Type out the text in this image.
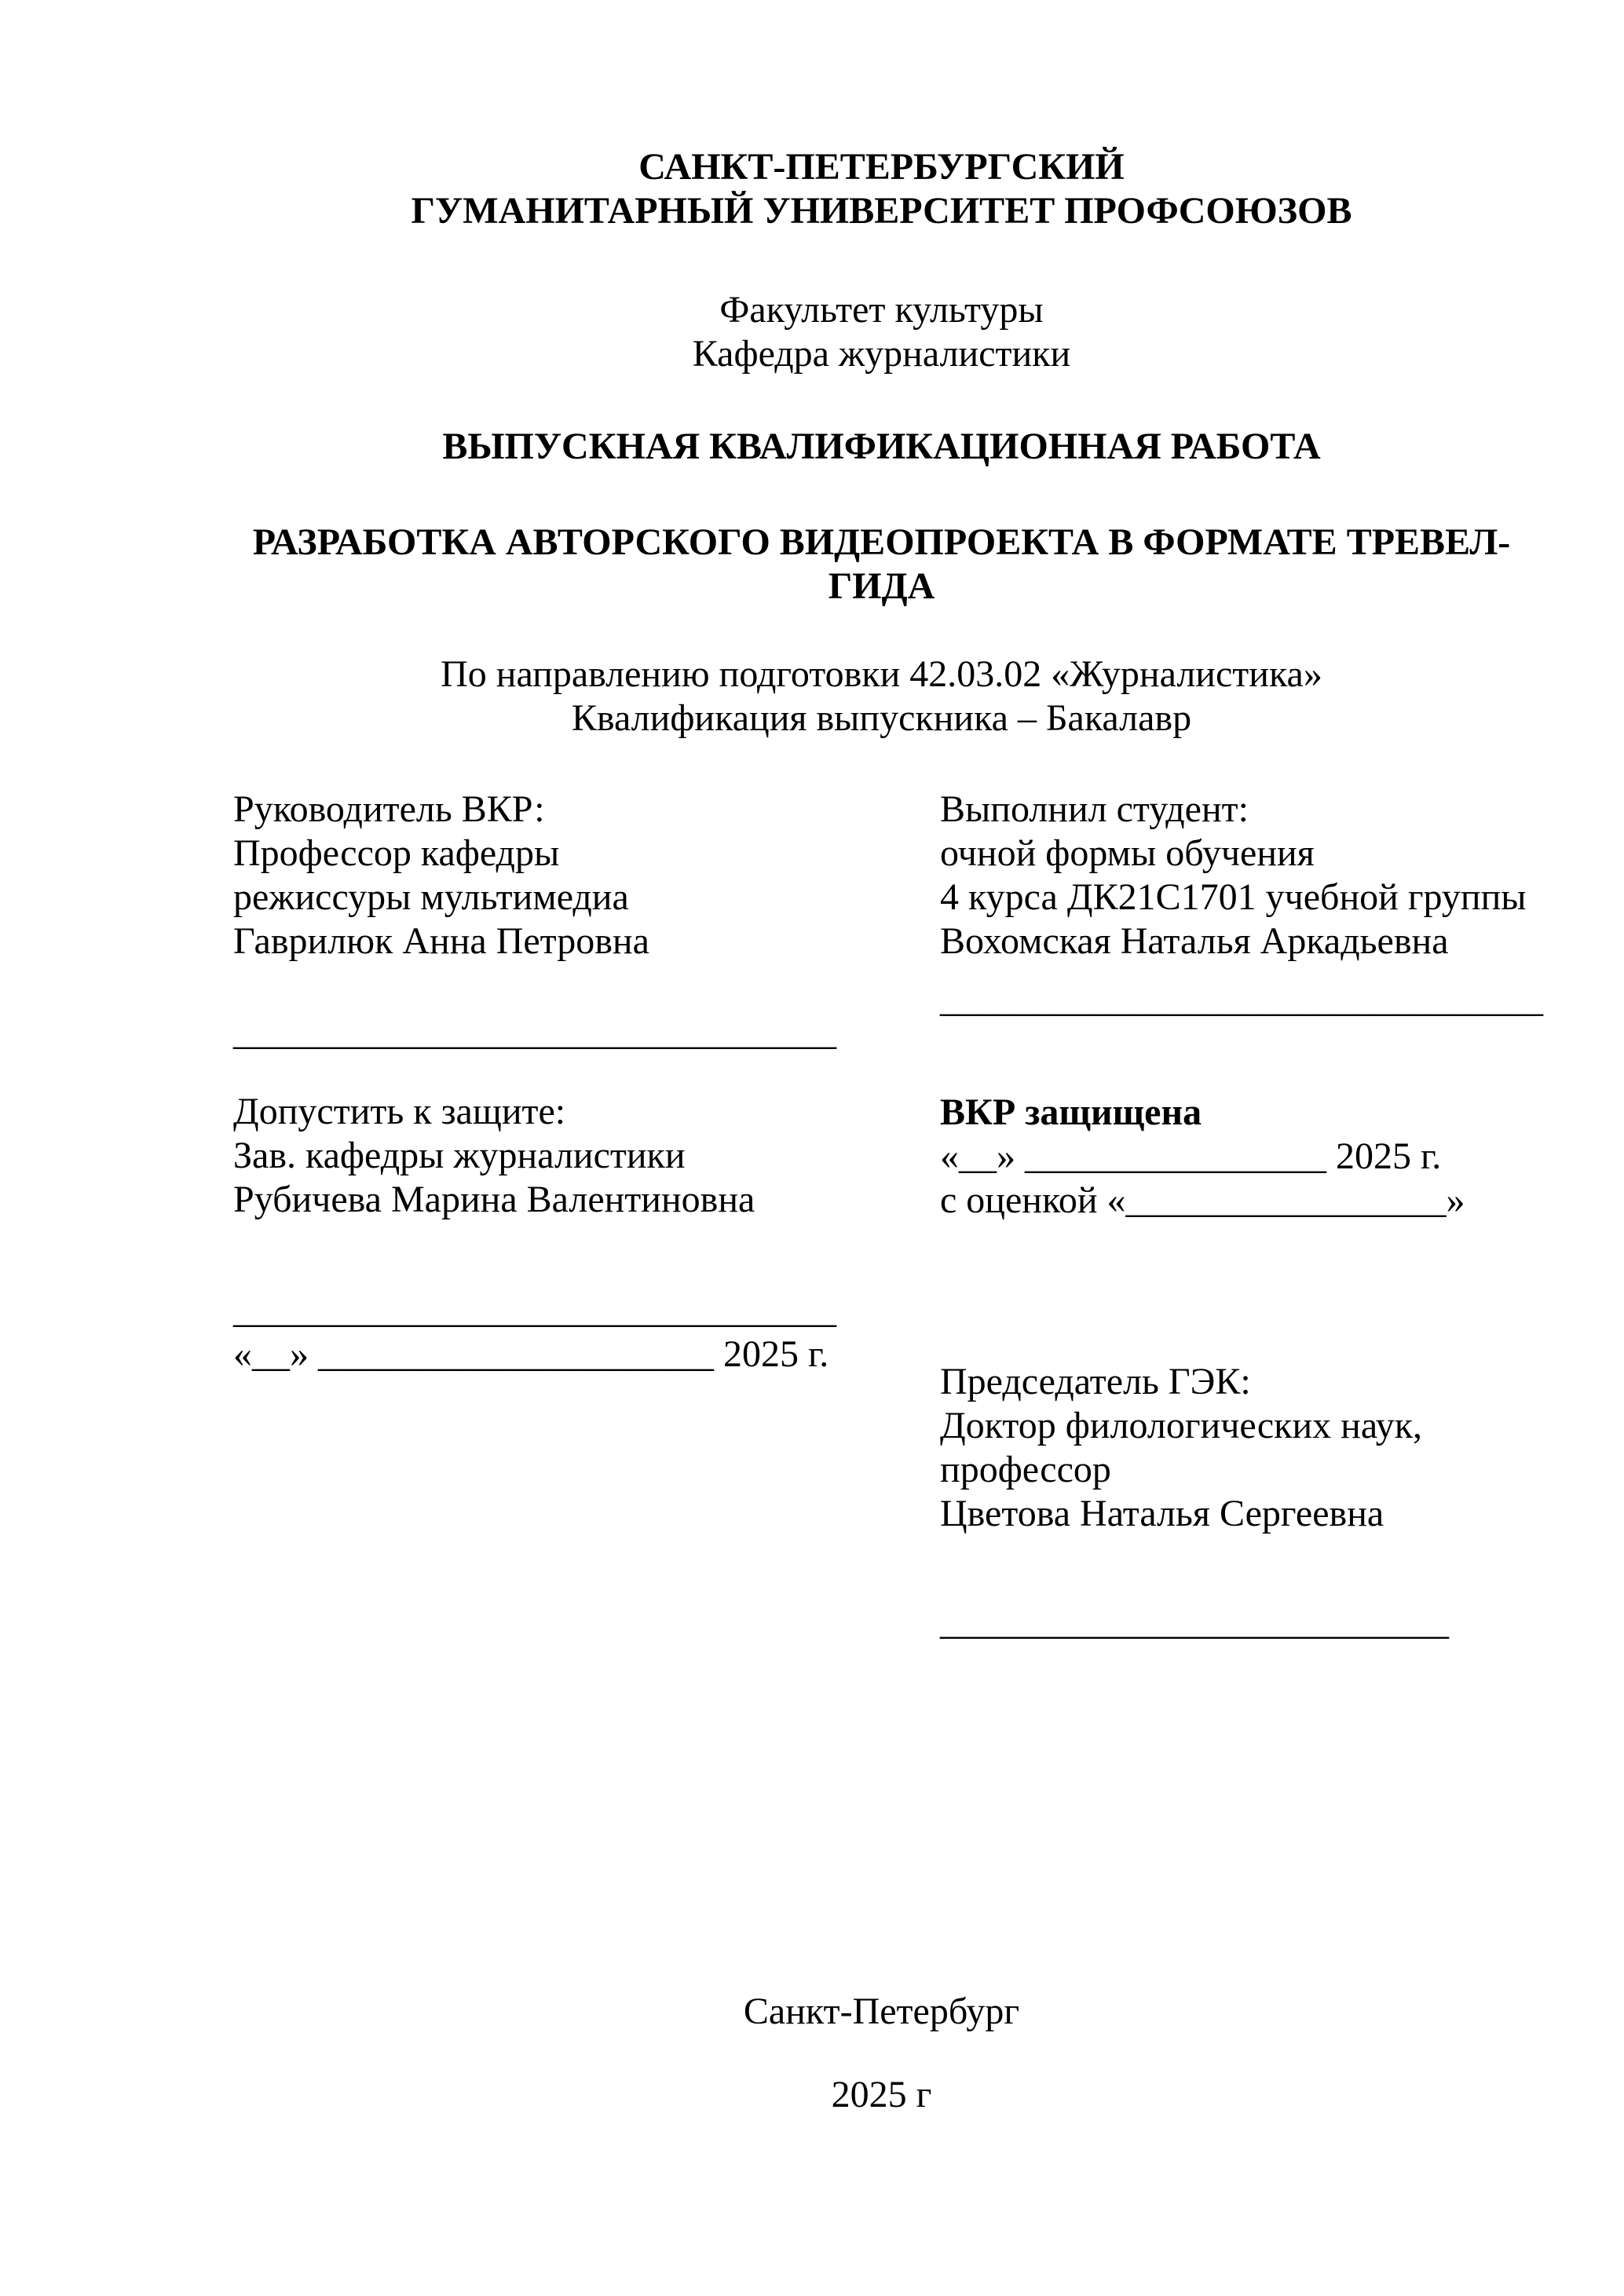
САНКТ-ПЕТЕРБУРГСКИЙ
ГУМАНИТАРНЫЙ УНИВЕРСИТЕТ ПРОФСОЮЗОВ
Факультет культуры
Кафедра журналистики
ВЫПУСКНАЯ КВАЛИФИКАЦИОННАЯ РАБОТА
РАЗРАБОТКА АВТОРСКОГО ВИДЕОПРОЕКТА В ФОРМАТЕ ТРЕВЕЛ-
ГИДА
По направлению подготовки 42.03.02 «Журналистика»
Квалификация выпускника – Бакалавр
Руководитель ВКР:
Профессор кафедры
режиссуры мультимедиа
Гаврилюк Анна Петровна
________________________________
Допустить к защите:
Зав. кафедры журналистики
Рубичева Марина Валентиновна
________________________________
«__» _____________________ 2025 г.
Выполнил студент:
очной формы обучения
4 курса ДК21С1701 учебной группы
Вохомская Наталья Аркадьевна
________________________________
ВКР защищена
«__» ________________ 2025 г.
с оценкой «_________________»
Председатель ГЭК:
Доктор филологических наук,
профессор
Цветова Наталья Сергеевна
___________________________
Санкт-Петербург
2025 г
